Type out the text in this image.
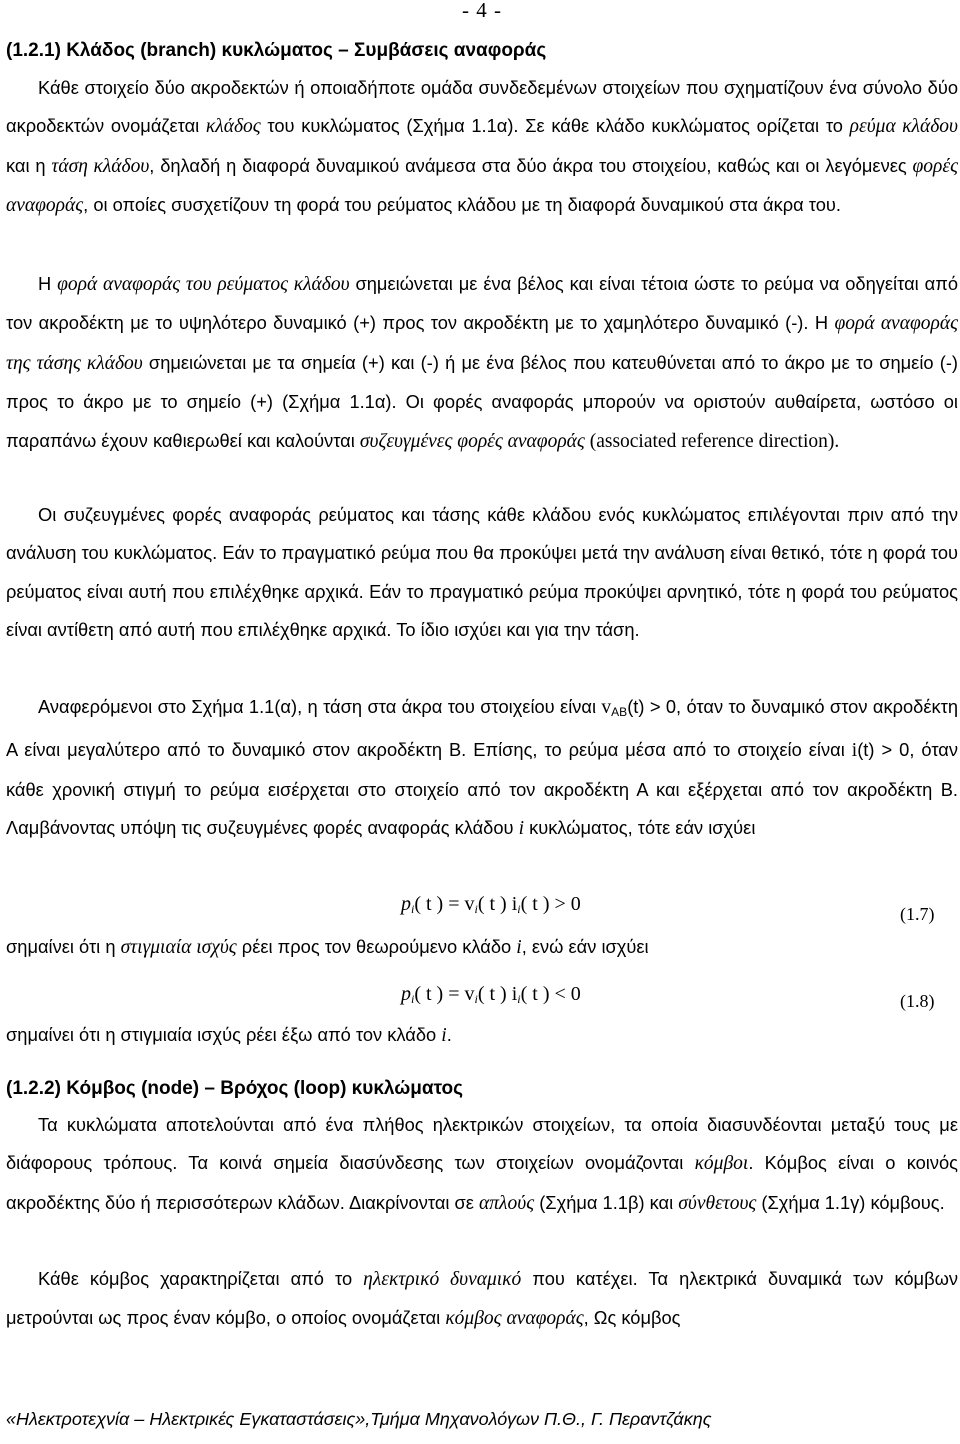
- 4 -
(1.2.1) Κλάδος (branch) κυκλώματος – Συμβάσεις αναφοράς

Κάθε στοιχείο δύο ακροδεκτών ή οποιαδήποτε ομάδα συνδεδεμένων στοιχείων που σχηματίζουν ένα σύνολο δύο ακροδεκτών ονομάζεται κλάδος του κυκλώματος (Σχήμα 1.1α). Σε κάθε κλάδο κυκλώματος ορίζεται το ρεύμα κλάδου και η τάση κλάδου, δηλαδή η διαφορά δυναμικού ανάμεσα στα δύο άκρα του στοιχείου, καθώς και οι λεγόμενες φορές αναφοράς, οι οποίες συσχετίζουν τη φορά του ρεύματος κλάδου με τη διαφορά δυναμικού στα άκρα του.

Η φορά αναφοράς του ρεύματος κλάδου σημειώνεται με ένα βέλος και είναι τέτοια ώστε το ρεύμα να οδηγείται από τον ακροδέκτη με το υψηλότερο δυναμικό (+) προς τον ακροδέκτη με το χαμηλότερο δυναμικό (-). Η φορά αναφοράς της τάσης κλάδου σημειώνεται με τα σημεία (+) και (-) ή με ένα βέλος που κατευθύνεται από το άκρο με το σημείο (-) προς το άκρο με το σημείο (+) (Σχήμα 1.1α). Οι φορές αναφοράς μπορούν να οριστούν αυθαίρετα, ωστόσο οι παραπάνω έχουν καθιερωθεί και καλούνται συζευγμένες φορές αναφοράς (associated reference direction).

Οι συζευγμένες φορές αναφοράς ρεύματος και τάσης κάθε κλάδου ενός κυκλώματος επιλέγονται πριν από την ανάλυση του κυκλώματος. Εάν το πραγματικό ρεύμα που θα προκύψει μετά την ανάλυση είναι θετικό, τότε η φορά του ρεύματος είναι αυτή που επιλέχθηκε αρχικά. Εάν το πραγματικό ρεύμα προκύψει αρνητικό, τότε η φορά του ρεύματος είναι αντίθετη από αυτή που επιλέχθηκε αρχικά. Το ίδιο ισχύει και για την τάση.

Αναφερόμενοι στο Σχήμα 1.1(α), η τάση στα άκρα του στοιχείου είναι $v_{AB}(t) > 0$, όταν το δυναμικό στον ακροδέκτη Α είναι μεγαλύτερο από το δυναμικό στον ακροδέκτη Β. Επίσης, το ρεύμα μέσα από το στοιχείο είναι i(t) > 0, όταν κάθε χρονική στιγμή το ρεύμα εισέρχεται στο στοιχείο από τον ακροδέκτη Α και εξέρχεται από τον ακροδέκτη Β. Λαμβάνοντας υπόψη τις συζευγμένες φορές αναφοράς κλάδου i κυκλώματος, τότε εάν ισχύει

$p_i$( t ) = $v_i$( t ) $i_i$( t ) > 0	(1.7)

σημαίνει ότι η στιγμιαία ισχύς ρέει προς τον θεωρούμενο κλάδο i, ενώ εάν ισχύει

$p_i$( t ) = $v_i$( t ) $i_i$( t ) < 0	(1.8)

σημαίνει ότι η στιγμιαία ισχύς ρέει έξω από τον κλάδο i.

(1.2.2) Κόμβος (node) – Βρόχος (loop) κυκλώματος

Τα κυκλώματα αποτελούνται από ένα πλήθος ηλεκτρικών στοιχείων, τα οποία διασυνδέονται μεταξύ τους με διάφορους τρόπους. Τα κοινά σημεία διασύνδεσης των στοιχείων ονομάζονται κόμβοι. Κόμβος είναι ο κοινός ακροδέκτης δύο ή περισσότερων κλάδων. Διακρίνονται σε απλούς (Σχήμα 1.1β) και σύνθετους (Σχήμα 1.1γ) κόμβους.

Κάθε κόμβος χαρακτηρίζεται από το ηλεκτρικό δυναμικό που κατέχει. Τα ηλεκτρικά δυναμικά των κόμβων μετρούνται ως προς έναν κόμβο, ο οποίος ονομάζεται κόμβος αναφοράς, Ως κόμβος

«Ηλεκτροτεχνία – Ηλεκτρικές Εγκαταστάσεις»,Τμήμα Μηχανολόγων Π.Θ., Γ. Περαντζάκης
